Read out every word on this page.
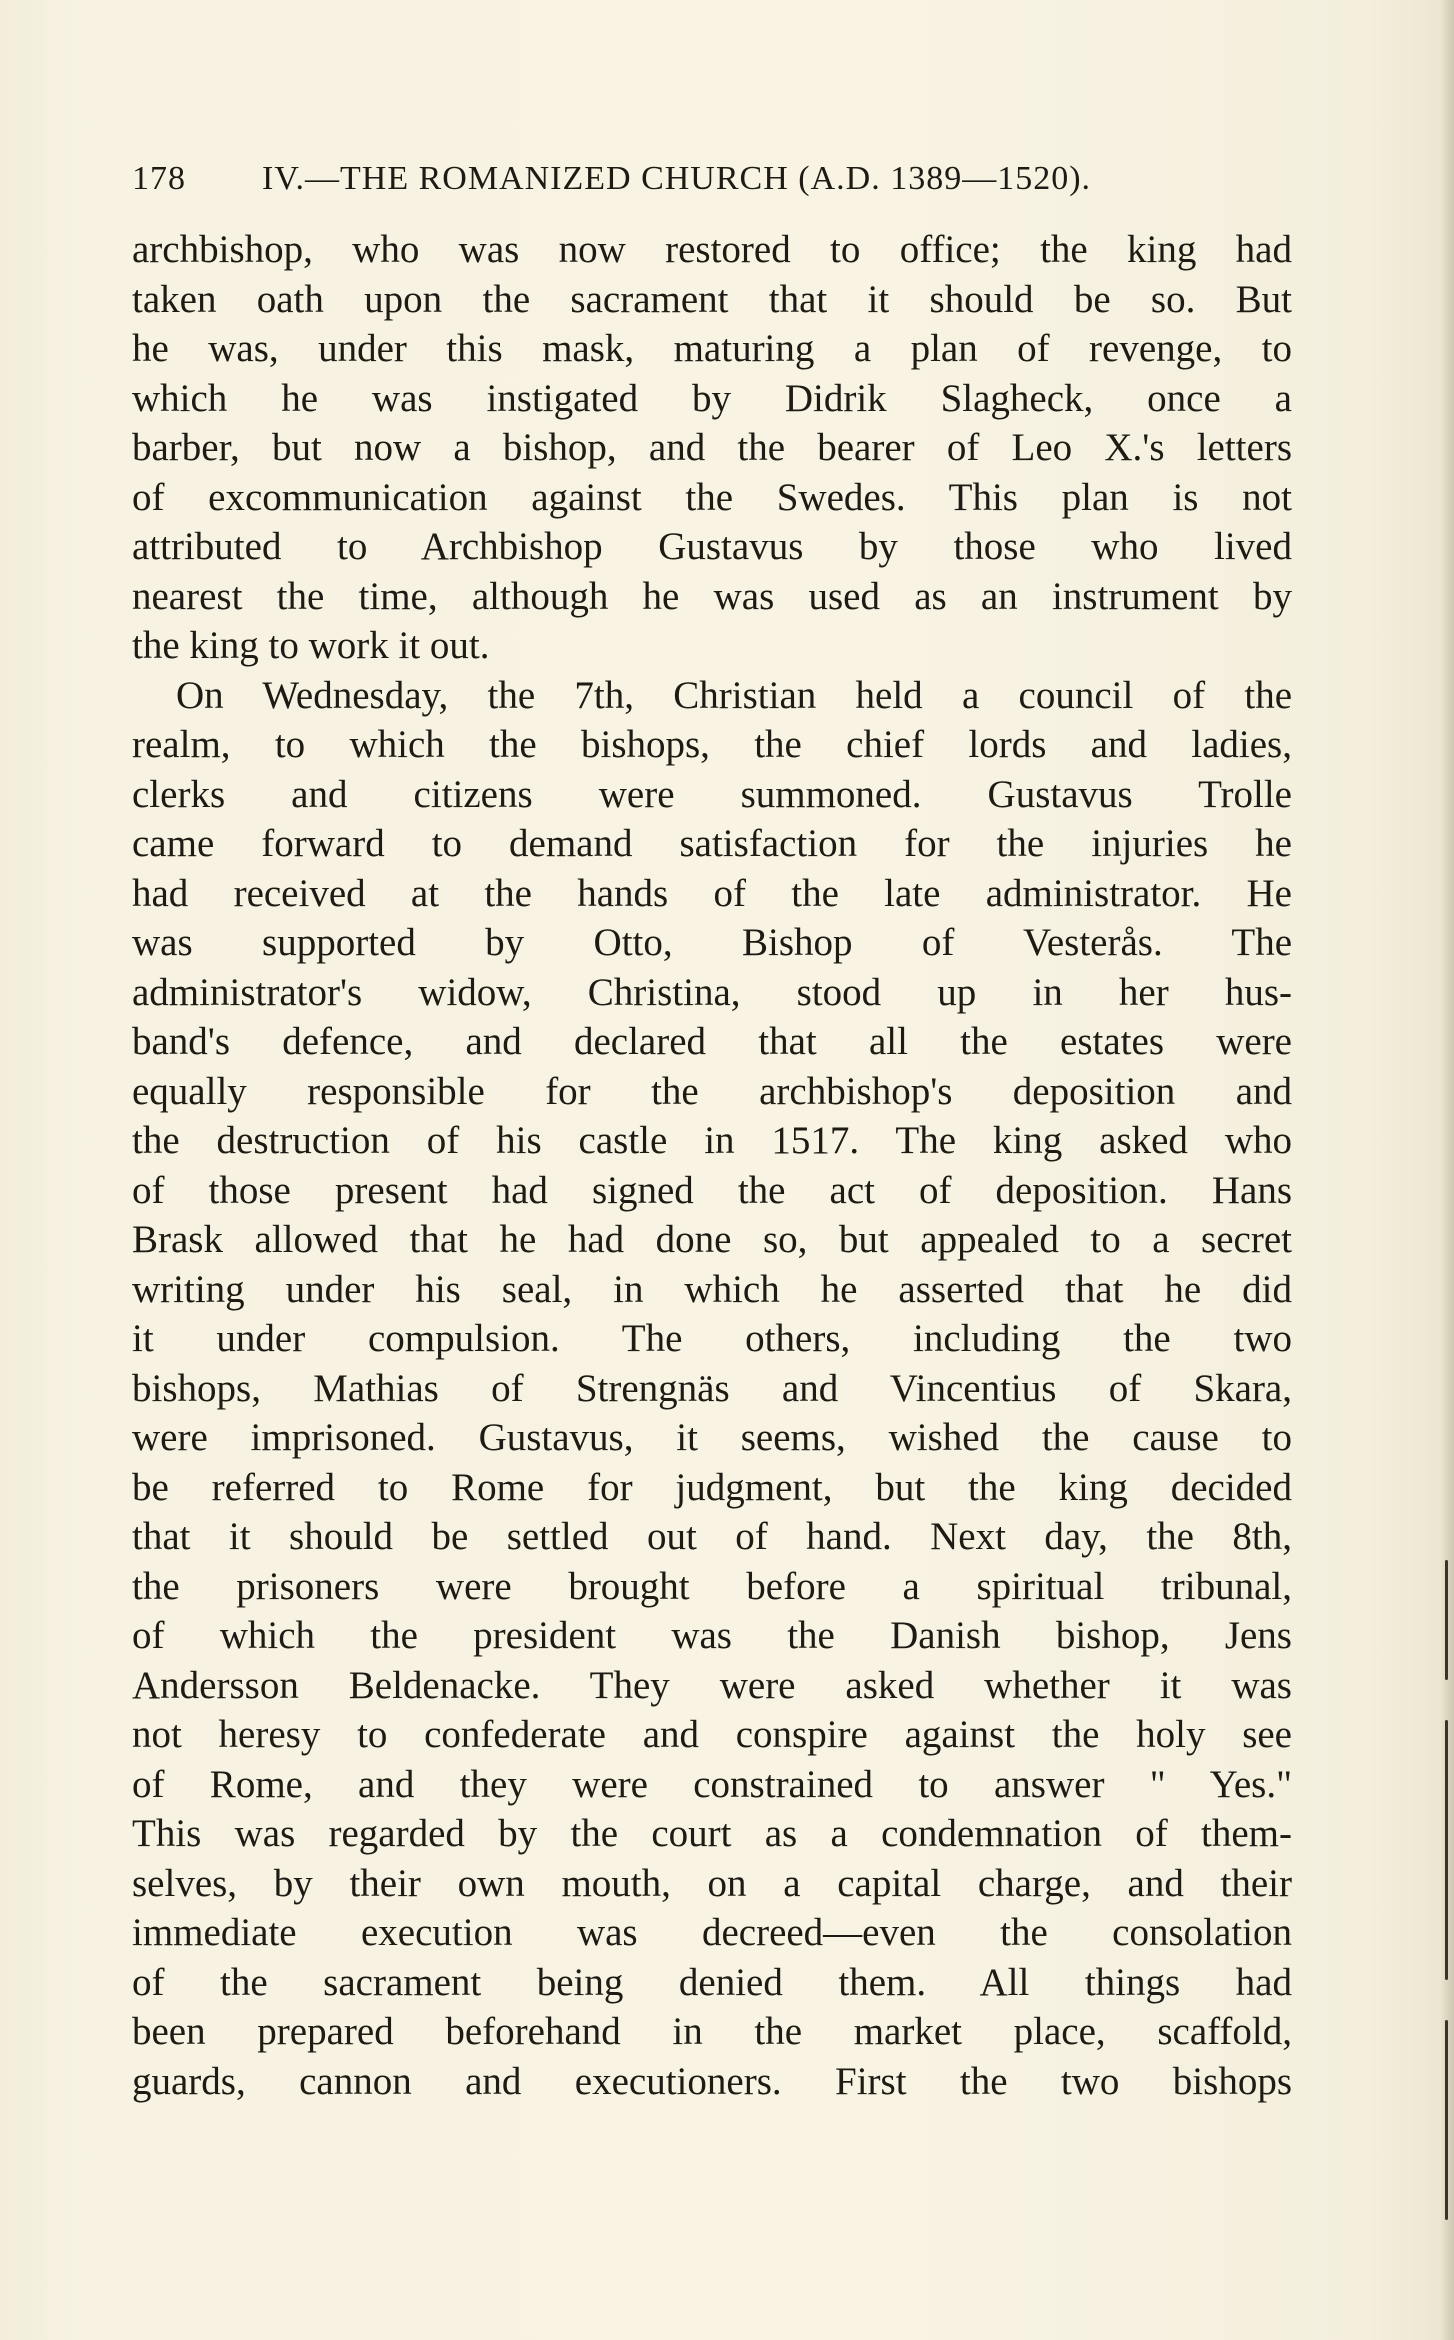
178 IV.—THE ROMANIZED CHURCH (A.D. 1389—1520).
archbishop, who was now restored to office; the king had
taken oath upon the sacrament that it should be so. But
he was, under this mask, maturing a plan of revenge, to
which he was instigated by Didrik Slagheck, once a
barber, but now a bishop, and the bearer of Leo X.'s letters
of excommunication against the Swedes. This plan is not
attributed to Archbishop Gustavus by those who lived
nearest the time, although he was used as an instrument by
the king to work it out.
On Wednesday, the 7th, Christian held a council of the
realm, to which the bishops, the chief lords and ladies,
clerks and citizens were summoned. Gustavus Trolle
came forward to demand satisfaction for the injuries he
had received at the hands of the late administrator. He
was supported by Otto, Bishop of Vesterås. The
administrator's widow, Christina, stood up in her hus-
band's defence, and declared that all the estates were
equally responsible for the archbishop's deposition and
the destruction of his castle in 1517. The king asked who
of those present had signed the act of deposition. Hans
Brask allowed that he had done so, but appealed to a secret
writing under his seal, in which he asserted that he did
it under compulsion. The others, including the two
bishops, Mathias of Strengnäs and Vincentius of Skara,
were imprisoned. Gustavus, it seems, wished the cause to
be referred to Rome for judgment, but the king decided
that it should be settled out of hand. Next day, the 8th,
the prisoners were brought before a spiritual tribunal,
of which the president was the Danish bishop, Jens
Andersson Beldenacke. They were asked whether it was
not heresy to confederate and conspire against the holy see
of Rome, and they were constrained to answer " Yes."
This was regarded by the court as a condemnation of them-
selves, by their own mouth, on a capital charge, and their
immediate execution was decreed—even the consolation
of the sacrament being denied them. All things had
been prepared beforehand in the market place, scaffold,
guards, cannon and executioners. First the two bishops
